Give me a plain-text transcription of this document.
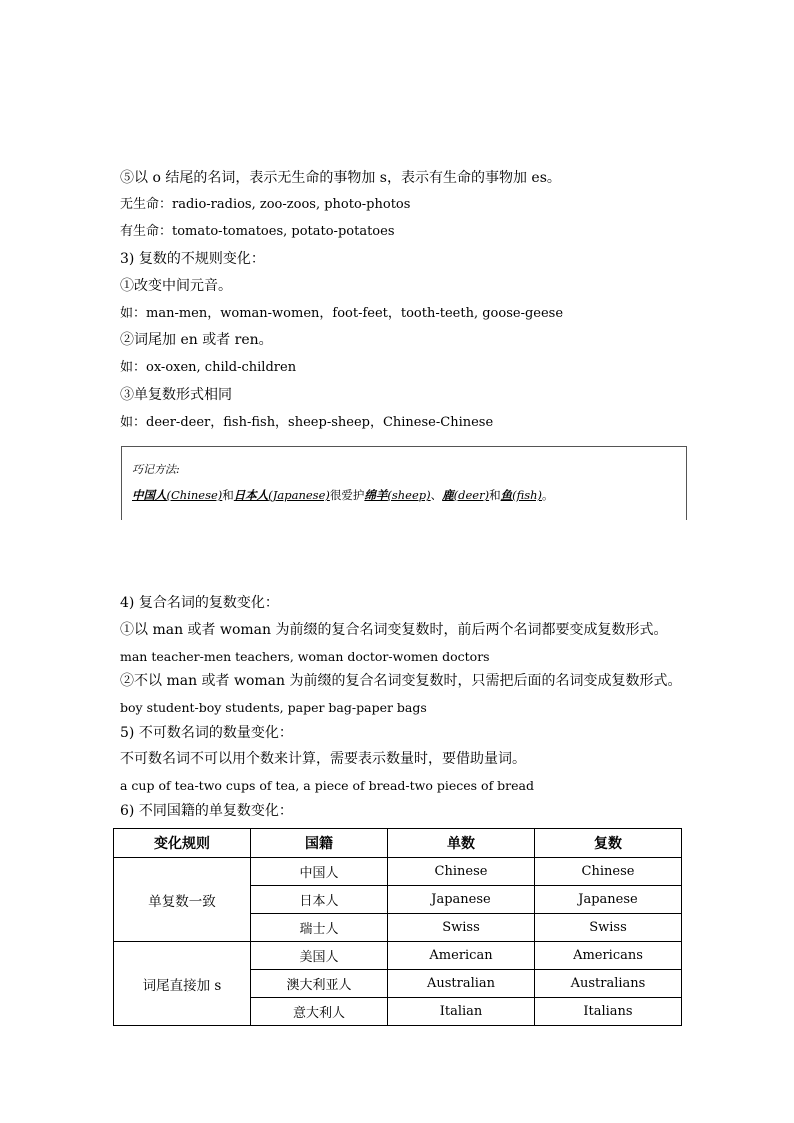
⑤以 o 结尾的名词，表示无生命的事物加 s，表示有生命的事物加 es。
无生命：radio-radios, zoo-zoos, photo-photos
有生命：tomato-tomatoes, potato-potatoes
3) 复数的不规则变化：
①改变中间元音。
如：man-men，woman-women，foot-feet，tooth-teeth, goose-geese
②词尾加 en 或者 ren。
如：ox-oxen, child-children
③单复数形式相同
如：deer-deer，fish-fish，sheep-sheep，Chinese-Chinese
巧记方法:
中国人(Chinese)和日本人(Japanese)很爱护绵羊(sheep)、鹿(deer)和鱼(fish)。
4) 复合名词的复数变化：
①以 man 或者 woman 为前缀的复合名词变复数时，前后两个名词都要变成复数形式。
man teacher-men teachers, woman doctor-women doctors
②不以 man 或者 woman 为前缀的复合名词变复数时，只需把后面的名词变成复数形式。
boy student-boy students, paper bag-paper bags
5) 不可数名词的数量变化：
不可数名词不可以用个数来计算，需要表示数量时，要借助量词。
a cup of tea-two cups of tea, a piece of bread-two pieces of bread
6) 不同国籍的单复数变化：
变化规则	国籍	单数	复数
单复数一致	中国人	Chinese	Chinese
	日本人	Japanese	Japanese
	瑞士人	Swiss	Swiss
词尾直接加 s	美国人	American	Americans
	澳大利亚人	Australian	Australians
	意大利人	Italian	Italians
